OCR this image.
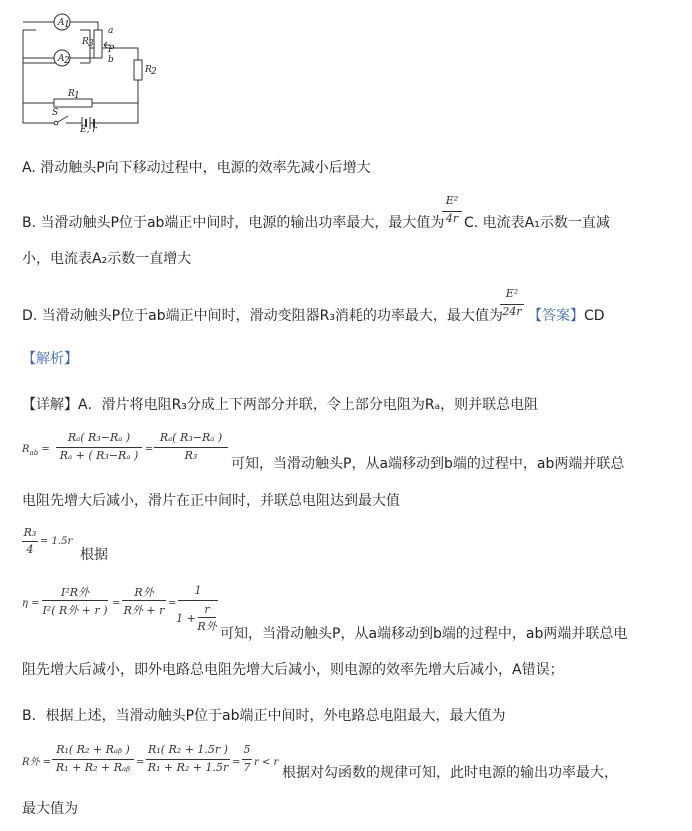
A 1
A 2
R 3
a
P
b
R 2
R 1
S
E, r
A. 滑动触头P向下移动过程中，电源的效率先减小后增大
B. 当滑动触头P位于ab端正中间时，电源的输出功率最大，最大值为
E²
4r C. 电流表A₁示数一直减
小，电流表A₂示数一直增大
D. 当滑动触头P位于ab端正中间时，滑动变阻器R₃消耗的功率最大，最大值为
E²
24r 【答案】 CD
【解析】
【详解】A．滑片将电阻R₃分成上下两部分并联，令上部分电阻为Rₐ，则并联总电阻
$R_{ab}$ =
Rₐ( R₃−Rₐ )
Rₐ + ( R₃−Rₐ ) =
Rₐ( R₃−Rₐ )
R₃
可知，当滑动触头P，从a端移动到b端的过程中，ab两端并联总
电阻先增大后减小，滑片在正中间时，并联总电阻达到最大值
R₃
4
= 1.5r
根据
η =
I²R外
I²( R外 + r )
=
R外
R外 + r
=
1
1 +
r
R外 可知，当滑动触头P，从a端移动到b端的过程中，ab两端并联总电
阻先增大后减小，即外电路总电阻先增大后减小，则电源的效率先增大后减小，A错误；
B．根据上述，当滑动触头P位于ab端正中间时，外电路总电阻最大，最大值为
R外 =
R₁( R₂ + Rₐᵦ )
R₁ + R₂ + Rₐᵦ =
R₁( R₂ + 1.5r )
R₁ + R₂ + 1.5r =
5
7 r < r
根据对勾函数的规律可知，此时电源的输出功率最大，
最大值为
